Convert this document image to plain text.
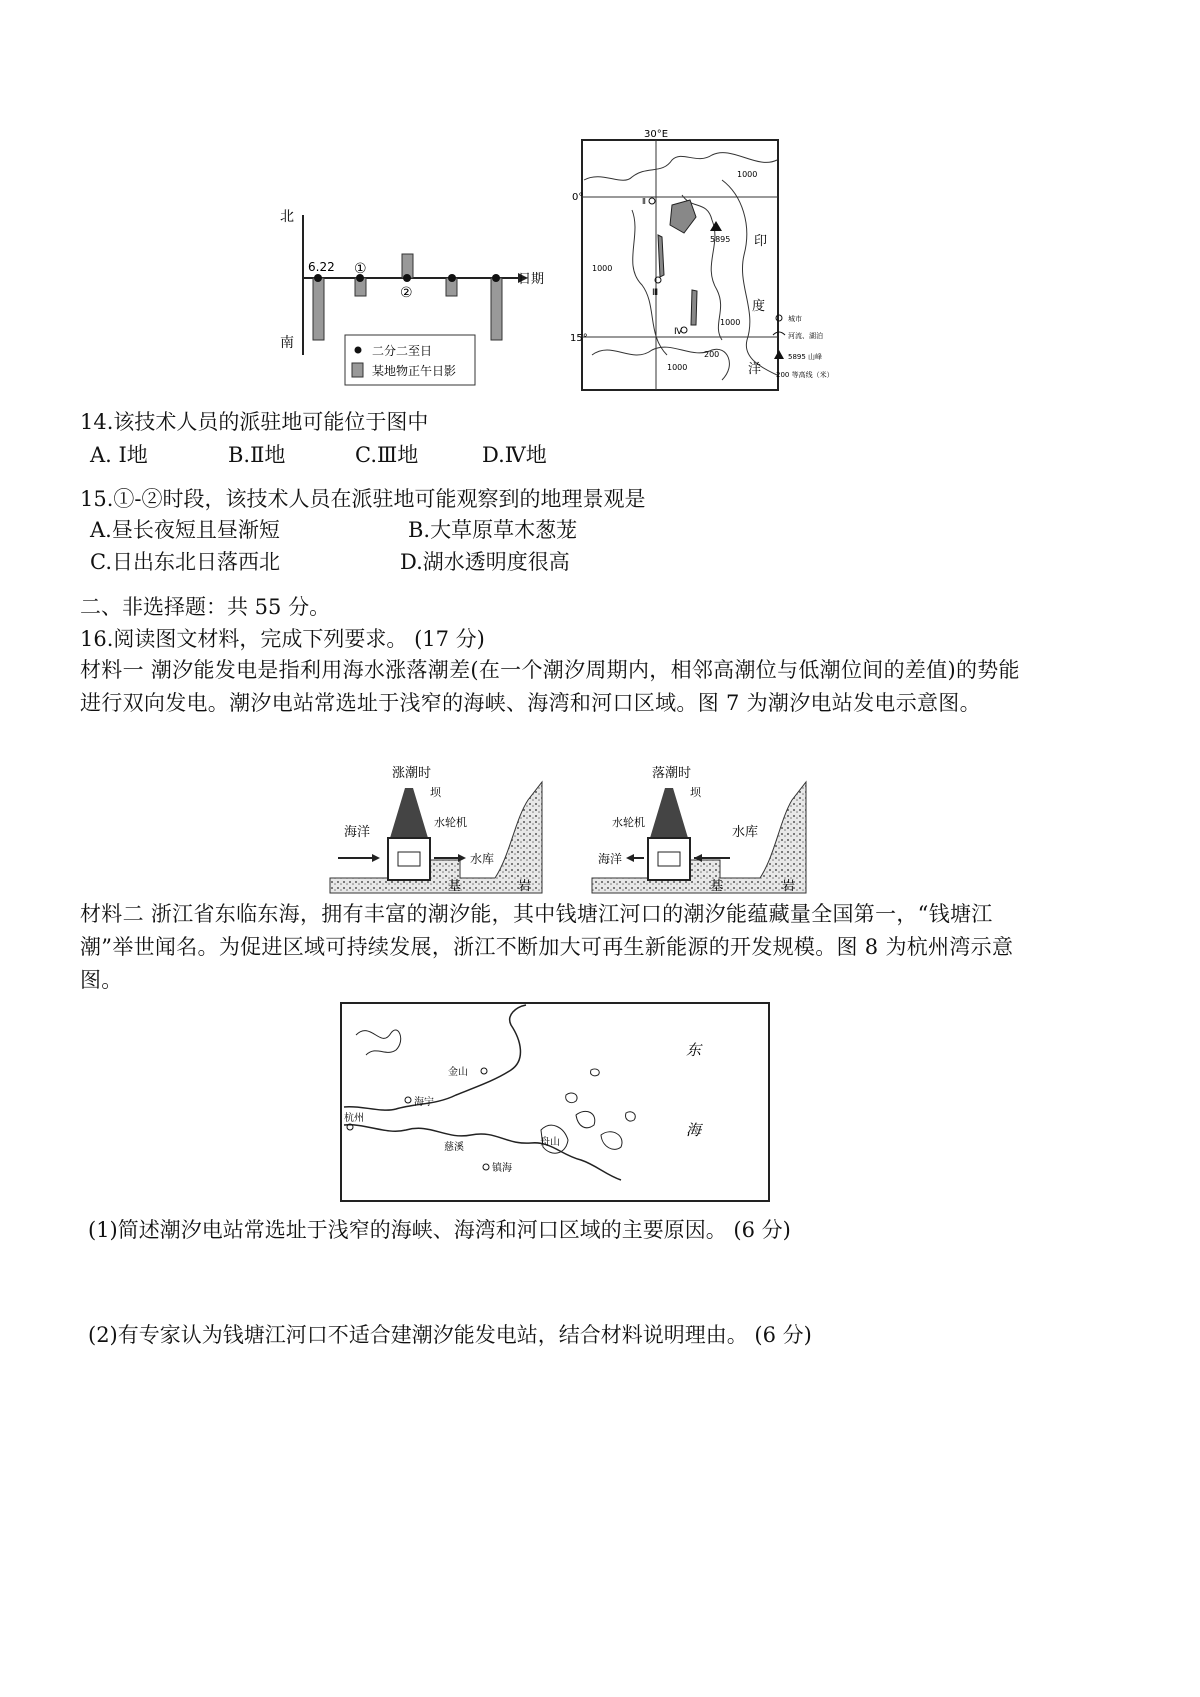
北
南
6.22 ①
②
日期
二分二至日
某地物正午日影
30°E
0°
15°
5895
1000
1000
1000
1000
200
印
度
洋
Ⅱ
Ⅲ
Ⅳ
城市
河流、湖泊
5895 山峰
200 等高线（米）
14.该技术人员的派驻地可能位于图中
A. Ⅰ地	B.Ⅱ地	C.Ⅲ地	D.Ⅳ地
15.①-②时段，该技术人员在派驻地可能观察到的地理景观是
A.昼长夜短且昼渐短	B.大草原草木葱茏
C.日出东北日落西北	D.湖水透明度很高
二、非选择题：共 55 分。
16.阅读图文材料，完成下列要求。 (17 分)
材料一 潮汐能发电是指利用海水涨落潮差(在一个潮汐周期内，相邻高潮位与低潮位间的差值)的势能进行双向发电。潮汐电站常选址于浅窄的海峡、海湾和河口区域。图 7 为潮汐电站发电示意图。
涨潮时
坝
水轮机
海洋
水库
基	岩
落潮时
坝
水轮机
海洋
水库
基	岩
材料二 浙江省东临东海，拥有丰富的潮汐能，其中钱塘江河口的潮汐能蕴藏量全国第一，“钱塘江潮”举世闻名。为促进区域可持续发展，浙江不断加大可再生新能源的开发规模。图 8 为杭州湾示意图。
东
海
金山
海宁
杭州
慈溪
镇海
舟山
(1)简述潮汐电站常选址于浅窄的海峡、海湾和河口区域的主要原因。 (6 分)
(2)有专家认为钱塘江河口不适合建潮汐能发电站，结合材料说明理由。 (6 分)
